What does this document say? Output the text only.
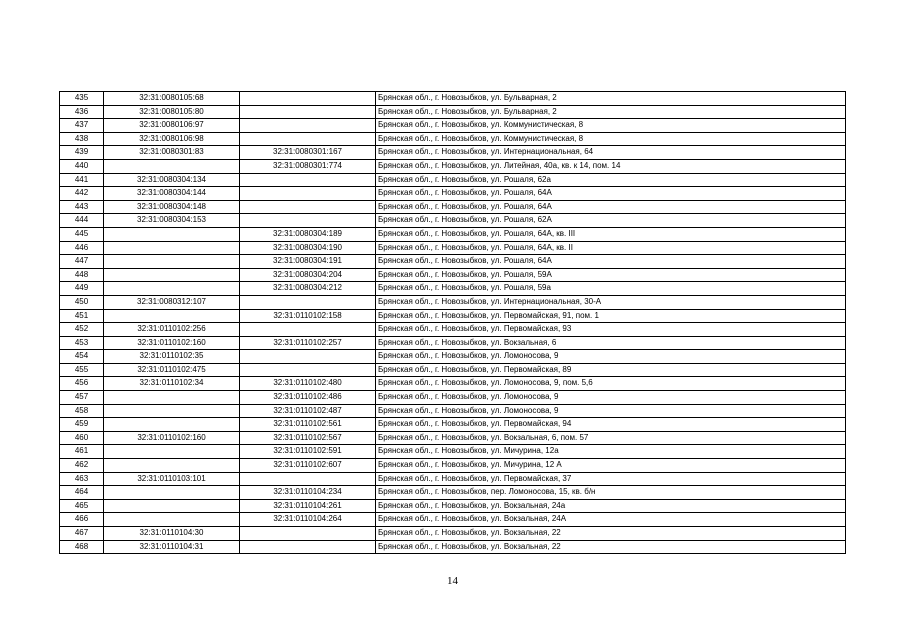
435	32:31:0080105:68		Брянская обл., г. Новозыбков, ул. Бульварная, 2
436	32:31:0080105:80		Брянская обл., г. Новозыбков, ул. Бульварная, 2
437	32:31:0080106:97		Брянская обл., г. Новозыбков, ул. Коммунистическая, 8
438	32:31:0080106:98		Брянская обл., г. Новозыбков, ул. Коммунистическая, 8
439	32:31:0080301:83	32:31:0080301:167	Брянская обл., г. Новозыбков, ул. Интернациональная, 64
440		32:31:0080301:774	Брянская обл., г. Новозыбков, ул. Литейная, 40а, кв. к 14, пом. 14
441	32:31:0080304:134		Брянская обл., г. Новозыбков, ул. Рошаля, 62а
442	32:31:0080304:144		Брянская обл., г. Новозыбков, ул. Рошаля, 64А
443	32:31:0080304:148		Брянская обл., г. Новозыбков, ул. Рошаля, 64А
444	32:31:0080304:153		Брянская обл., г. Новозыбков, ул. Рошаля, 62А
445		32:31:0080304:189	Брянская обл., г. Новозыбков, ул. Рошаля, 64А, кв. III
446		32:31:0080304:190	Брянская обл., г. Новозыбков, ул. Рошаля, 64А, кв. II
447		32:31:0080304:191	Брянская обл., г. Новозыбков, ул. Рошаля, 64А
448		32:31:0080304:204	Брянская обл., г. Новозыбков, ул. Рошаля, 59А
449		32:31:0080304:212	Брянская обл., г. Новозыбков, ул. Рошаля, 59а
450	32:31:0080312:107		Брянская обл., г. Новозыбков, ул. Интернациональная, 30-А
451		32:31:0110102:158	Брянская обл., г. Новозыбков, ул. Первомайская, 91, пом. 1
452	32:31:0110102:256		Брянская обл., г. Новозыбков, ул. Первомайская, 93
453	32:31:0110102:160	32:31:0110102:257	Брянская обл., г. Новозыбков, ул. Вокзальная, 6
454	32:31:0110102:35		Брянская обл., г. Новозыбков, ул. Ломоносова, 9
455	32:31:0110102:475		Брянская обл., г. Новозыбков, ул. Первомайская, 89
456	32:31:0110102:34	32:31:0110102:480	Брянская обл., г. Новозыбков, ул. Ломоносова, 9, пом. 5,6
457		32:31:0110102:486	Брянская обл., г. Новозыбков, ул. Ломоносова, 9
458		32:31:0110102:487	Брянская обл., г. Новозыбков, ул. Ломоносова, 9
459		32:31:0110102:561	Брянская обл., г. Новозыбков, ул. Первомайская, 94
460	32:31:0110102:160	32:31:0110102:567	Брянская обл., г. Новозыбков, ул. Вокзальная, 6, пом. 57
461		32:31:0110102:591	Брянская обл., г. Новозыбков, ул. Мичурина, 12а
462		32:31:0110102:607	Брянская обл., г. Новозыбков, ул. Мичурина, 12 А
463	32:31:0110103:101		Брянская обл., г. Новозыбков, ул. Первомайская, 37
464		32:31:0110104:234	Брянская обл., г. Новозыбков, пер. Ломоносова, 15, кв. б/н
465		32:31:0110104:261	Брянская обл., г. Новозыбков, ул. Вокзальная, 24а
466		32:31:0110104:264	Брянская обл., г. Новозыбков, ул. Вокзальная, 24А
467	32:31:0110104:30		Брянская обл., г. Новозыбков, ул. Вокзальная, 22
468	32:31:0110104:31		Брянская обл., г. Новозыбков, ул. Вокзальная, 22
14
